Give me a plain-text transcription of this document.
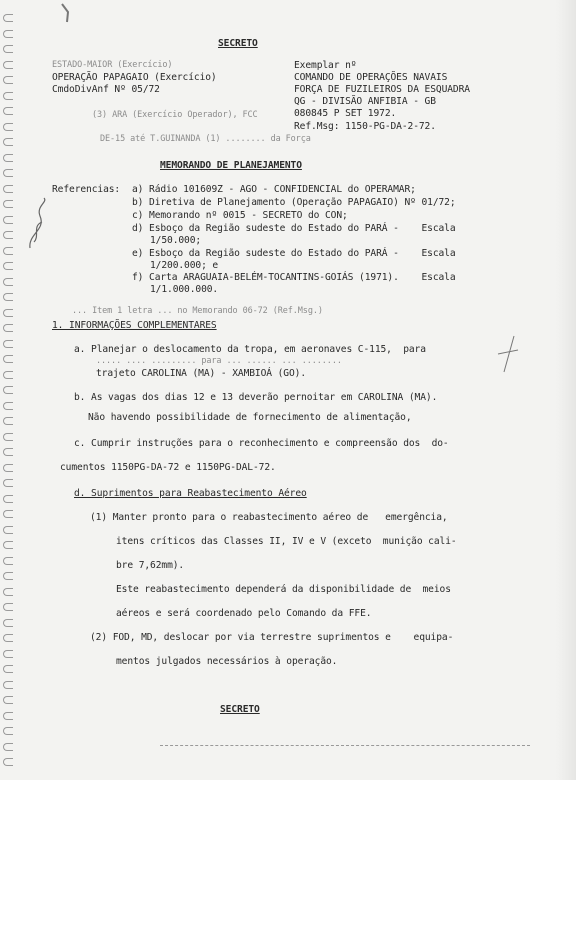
SECRETO
ESTADO-MAIOR (Exercício)
OPERAÇÃO PAPAGAIO (Exercício)
CmdoDivAnf Nº 05/72
Exemplar nº
COMANDO DE OPERAÇÕES NAVAIS
FORÇA DE FUZILEIROS DA ESQUADRA
QG - DIVISÃO ANFIBIA - GB
080845 P SET 1972.
Ref.Msg: 1150-PG-DA-2-72.
(3) ARA (Exercício Operador), FCC
DE-15 até T.GUINANDA (1) ........ da Força
MEMORANDO DE PLANEJAMENTO
Referencias: a) Rádio 101609Z - AGO - CONFIDENCIAL do OPERAMAR;
b) Diretiva de Planejamento (Operação PAPAGAIO) Nº 01/72;
c) Memorando nº 0015 - SECRETO do CON;
d) Esboço da Região sudeste do Estado do PARÁ -    Escala
1/50.000;
e) Esboço da Região sudeste do Estado do PARÁ -    Escala
1/200.000; e
f) Carta ARAGUAIA-BELÉM-TOCANTINS-GOIÁS (1971).    Escala
1/1.000.000.
... Item 1 letra ... no Memorando 06-72 (Ref.Msg.)
1. INFORMAÇÕES COMPLEMENTARES
a. Planejar o deslocamento da tropa, em aeronaves C-115,  para
..... .... ......... para ... ...... ... ........
trajeto CAROLINA (MA) - XAMBIOÁ (GO).
b. As vagas dos dias 12 e 13 deverão pernoitar em CAROLINA (MA).
Não havendo possibilidade de fornecimento de alimentação,
c. Cumprir instruções para o reconhecimento e compreensão dos  do-
cumentos 1150PG-DA-72 e 1150PG-DAL-72.
d. Suprimentos para Reabastecimento Aéreo
(1) Manter pronto para o reabastecimento aéreo de   emergência,
itens críticos das Classes II, IV e V (exceto  munição cali-
bre 7,62mm).
Este reabastecimento dependerá da disponibilidade de  meios
aéreos e será coordenado pelo Comando da FFE.
(2) FOD, MD, deslocar por via terrestre suprimentos e    equipa-
mentos julgados necessários à operação.
SECRETO
